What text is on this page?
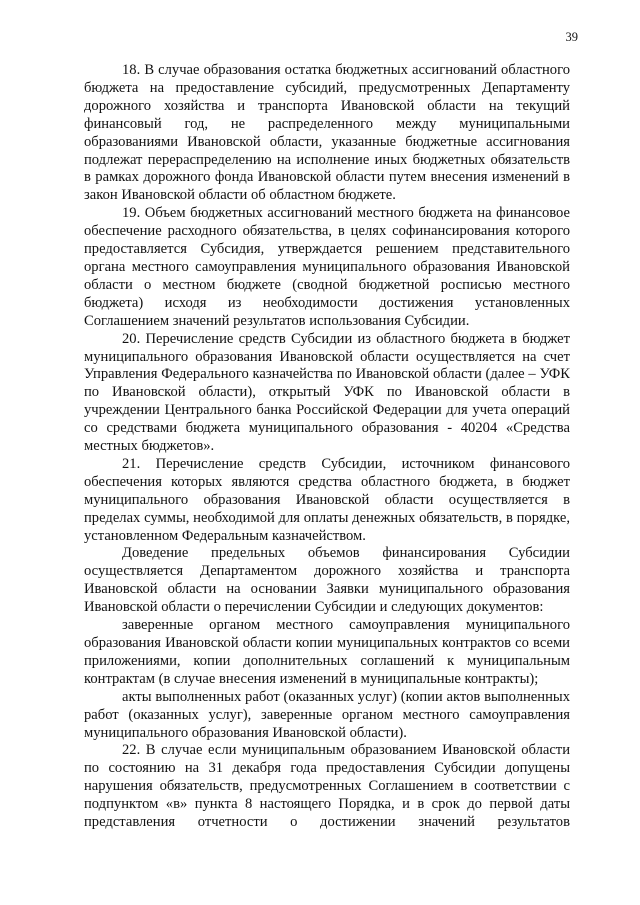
39

18. В случае образования остатка бюджетных ассигнований областного бюджета на предоставление субсидий, предусмотренных Департаменту дорожного хозяйства и транспорта Ивановской области на текущий финансовый год, не распределенного между муниципальными образованиями Ивановской области, указанные бюджетные ассигнования подлежат перераспределению на исполнение иных бюджетных обязательств в рамках дорожного фонда Ивановской области путем внесения изменений в закон Ивановской области об областном бюджете.

19. Объем бюджетных ассигнований местного бюджета на финансовое обеспечение расходного обязательства, в целях софинансирования которого предоставляется Субсидия, утверждается решением представительного органа местного самоуправления муниципального образования Ивановской области о местном бюджете (сводной бюджетной росписью местного бюджета) исходя из необходимости достижения установленных Соглашением значений результатов использования Субсидии.

20. Перечисление средств Субсидии из областного бюджета в бюджет муниципального образования Ивановской области осуществляется на счет Управления Федерального казначейства по Ивановской области (далее – УФК по Ивановской области), открытый УФК по Ивановской области в учреждении Центрального банка Российской Федерации для учета операций со средствами бюджета муниципального образования - 40204 «Средства местных бюджетов».

21. Перечисление средств Субсидии, источником финансового обеспечения которых являются средства областного бюджета, в бюджет муниципального образования Ивановской области осуществляется в пределах суммы, необходимой для оплаты денежных обязательств, в порядке, установленном Федеральным казначейством.

Доведение предельных объемов финансирования Субсидии осуществляется Департаментом дорожного хозяйства и транспорта Ивановской области на основании Заявки муниципального образования Ивановской области о перечислении Субсидии и следующих документов:

заверенные органом местного самоуправления муниципального образования Ивановской области копии муниципальных контрактов со всеми приложениями, копии дополнительных соглашений к муниципальным контрактам (в случае внесения изменений в муниципальные контракты);

акты выполненных работ (оказанных услуг) (копии актов выполненных работ (оказанных услуг), заверенные органом местного самоуправления муниципального образования Ивановской области).

22. В случае если муниципальным образованием Ивановской области по состоянию на 31 декабря года предоставления Субсидии допущены нарушения обязательств, предусмотренных Соглашением в соответствии с подпунктом «в» пункта 8 настоящего Порядка, и в срок до первой даты представления отчетности о достижении значений результатов
